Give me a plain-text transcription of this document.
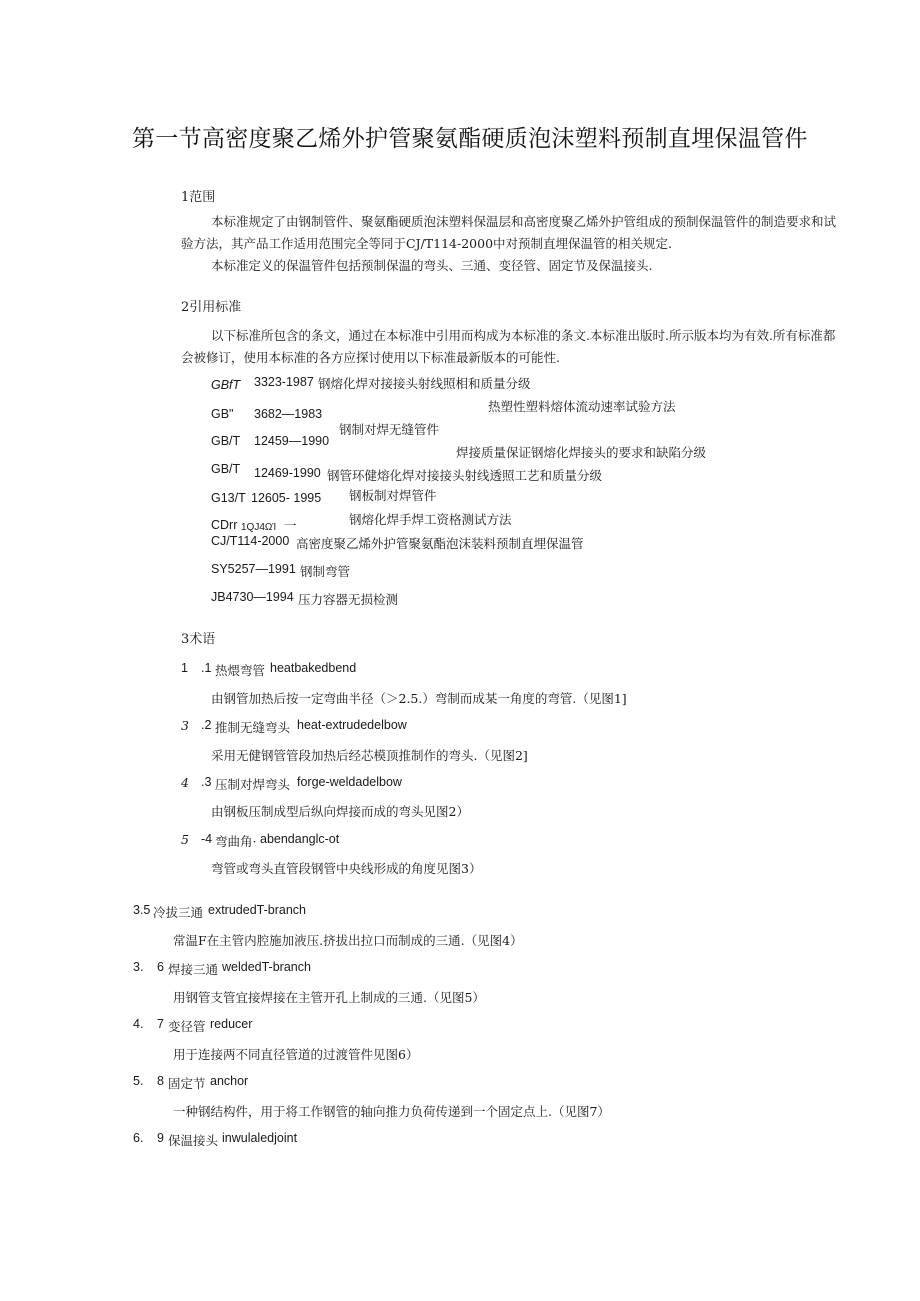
第一节高密度聚乙烯外护管聚氨酯硬质泡沫塑料预制直埋保温管件
1范围
本标准规定了由钢制管件、聚氨酯硬质泡沫塑料保温层和高密度聚乙烯外护管组成的预制保温管件的制造要求和试验方法，其产品工作适用范围完全等同于CJ/T114-2000中对预制直埋保温管的相关规定.
本标准定义的保温管件包括预制保温的弯头、三通、变径管、固定节及保温接头.
2引用标准
以下标准所包含的条文，通过在本标准中引用而构成为本标准的条文.本标准出版时.所示版本均为有效.所有标准都会被修订，使用本标准的各方应探讨使用以下标准最新版本的可能性.
GBfT 3323-1987 钢熔化焊对接接头射线照相和质量分级
热塑性塑料熔体流动速率试验方法
GB" 3682—1983
钢制对焊无缝管件
GB/T 12459—1990
焊接质量保证钢熔化焊接头的要求和缺陷分级
GB/T 12469-1990 钢管环健熔化焊对接接头射线透照工艺和质量分级
G13/T 12605- 1995 钢板制对焊管件
钢熔化焊手焊工资格测试方法
CDrr 1QJ4ΩΊ 一
CJ/T114-2000 高密度聚乙烯外护管聚氨酯泡沫装料预制直埋保温管
SY5257—1991 钢制弯管
JB4730—1994 压力容器无损检测
3术语
1 .1 热煨弯管 heatbakedbend
由钢管加热后按一定弯曲半径（＞2.5.）弯制而成某一角度的弯管.（见图1]
3 .2 推制无缝弯头 heat-extrudedelbow
采用无健钢管管段加热后经芯模顶推制作的弯头.（见图2]
4 .3 压制对焊弯头 forge-weldadelbow
由钢板压制成型后纵向焊接而成的弯头见图2）
5 -4 弯曲角· abendanglc-ot
弯管或弯头直管段钢管中央线形成的角度见图3）
3.5 冷拔三通 extrudedT-branch
常温F在主管内腔施加液压.挤拔出拉口而制成的三通.（见图4）
3. 6 焊接三通 weldedT-branch
用钢管支管宜接焊接在主管开孔上制成的三通.（见图5）
4. 7 变径管 reducer
用于连接两不同直径管道的过渡管件见图6）
5. 8 固定节 anchor
一种钢结构件，用于将工作钢管的轴向推力负荷传递到一个固定点上.（见图7）
6. 9 保温接头 inwulaledjoint
